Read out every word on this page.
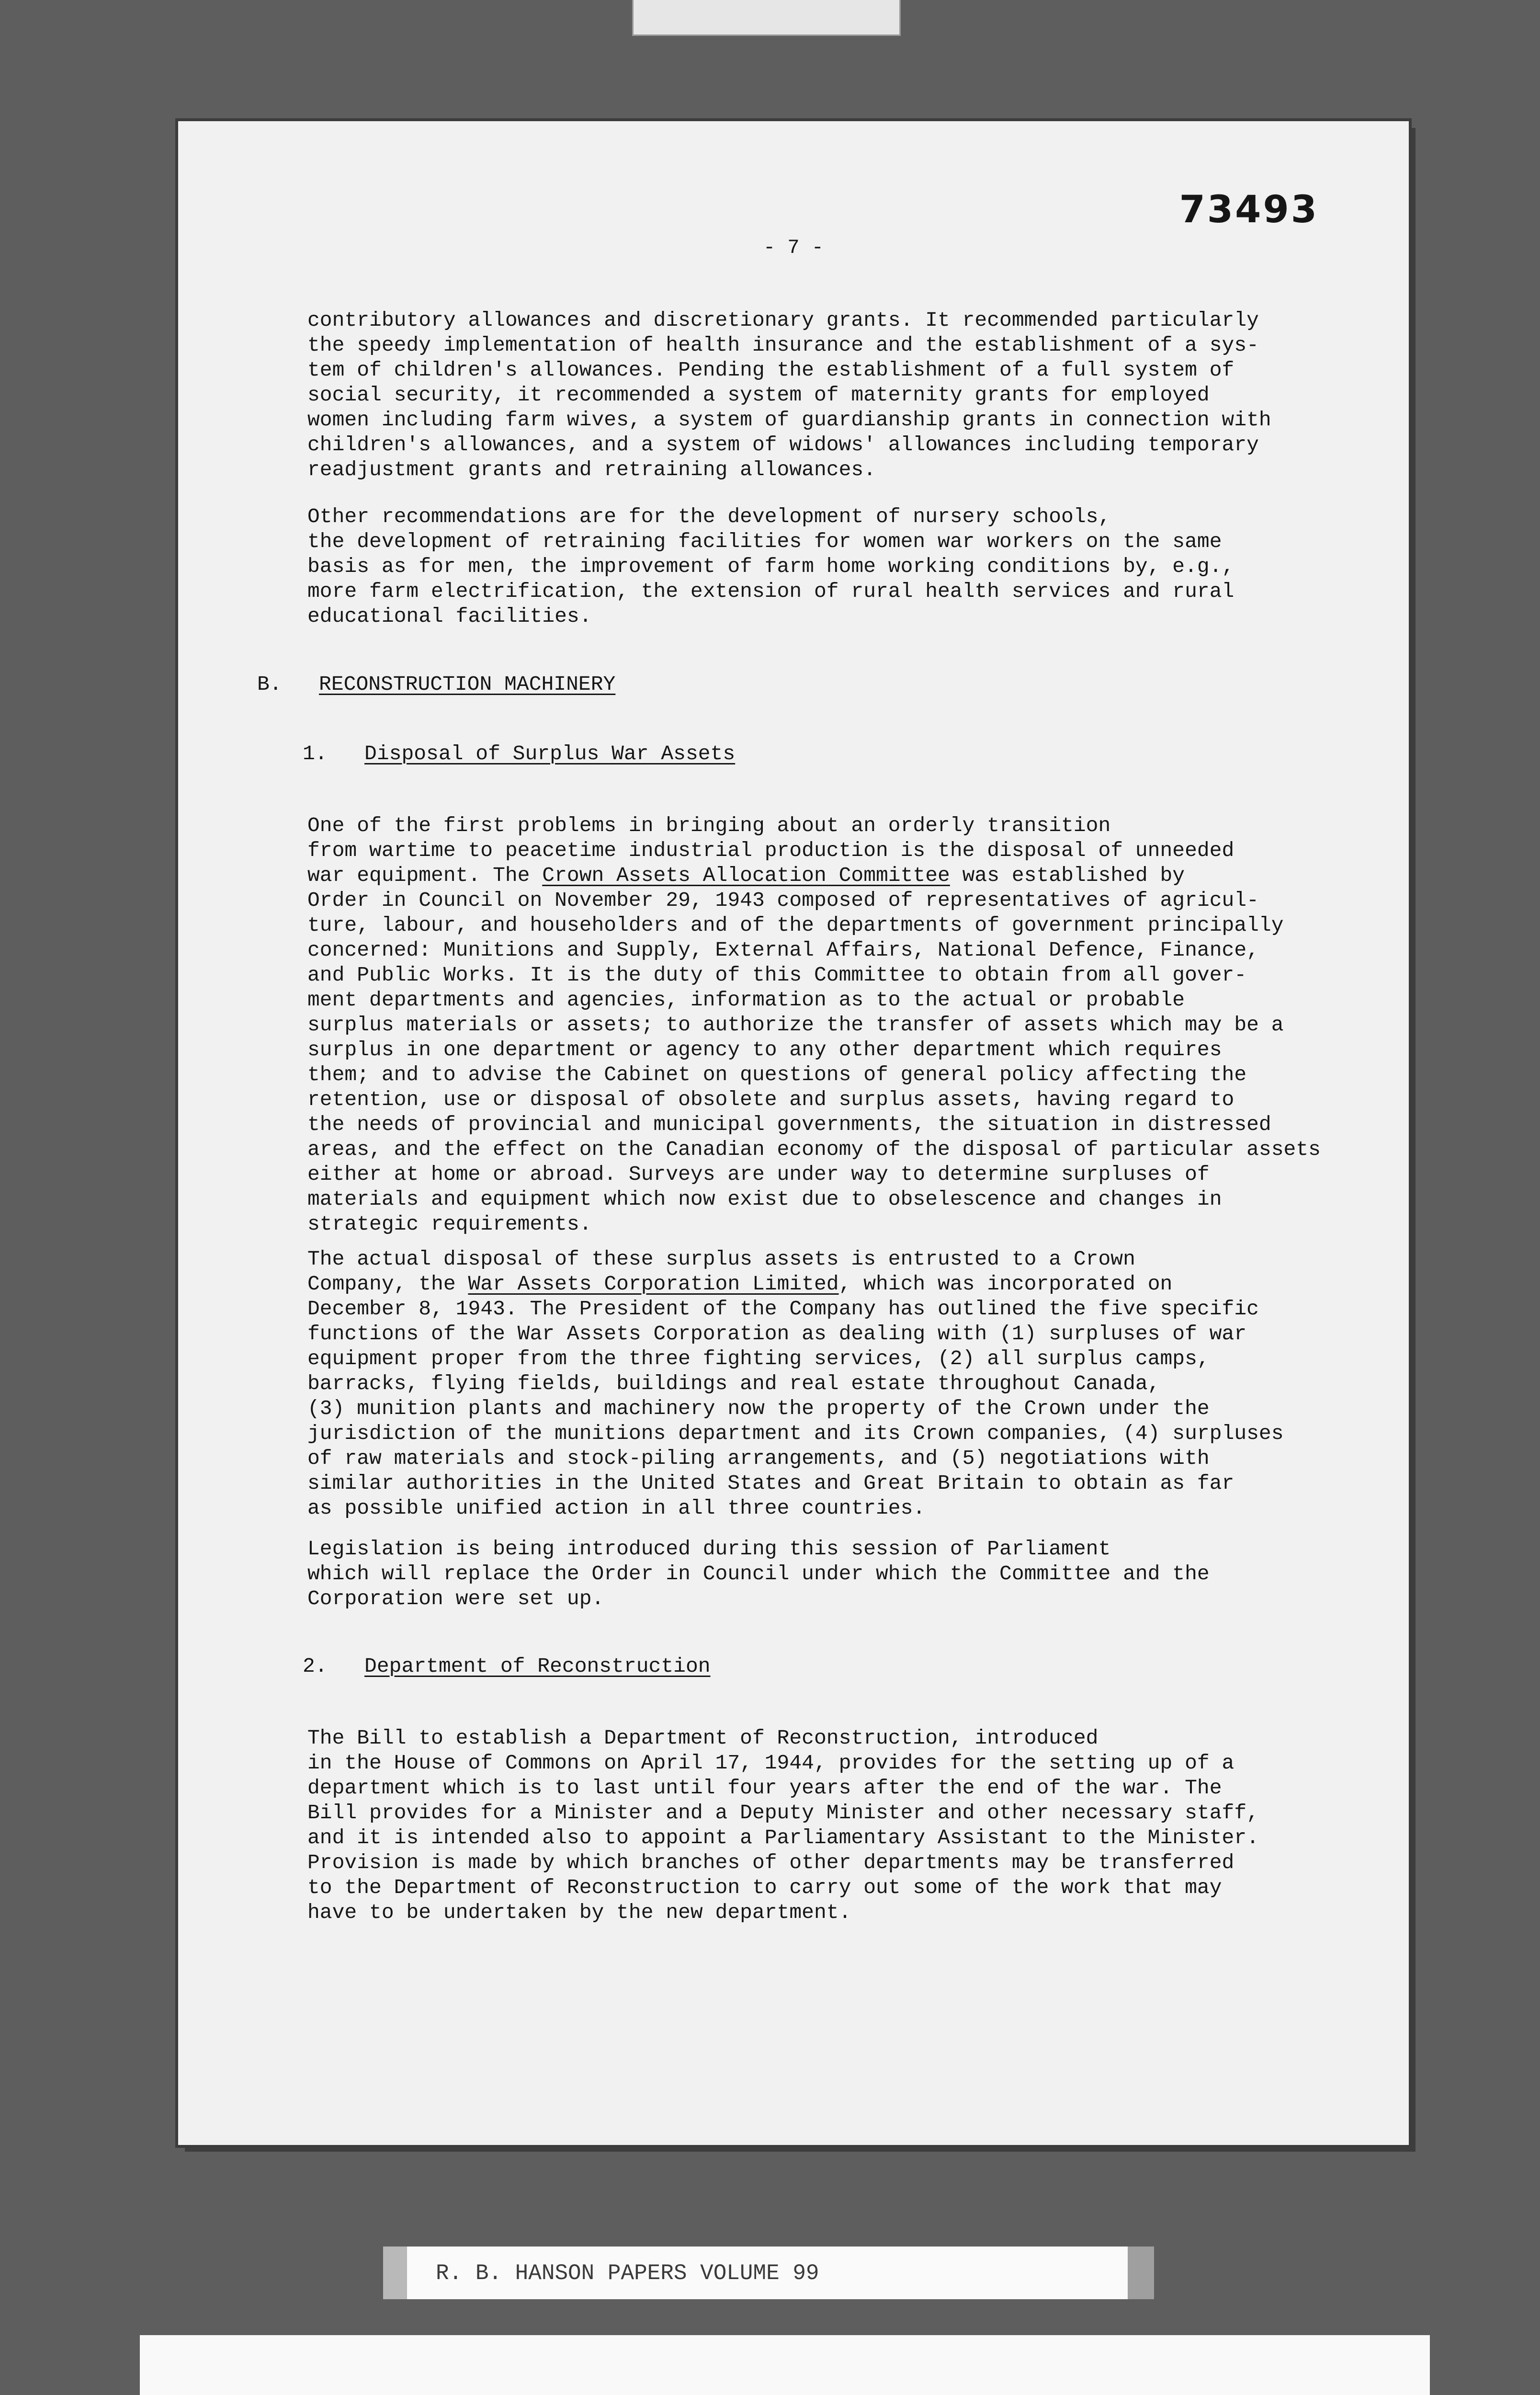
73493
- 7 -

contributory allowances and discretionary grants. It recommended particularly
the speedy implementation of health insurance and the establishment of a sys-
tem of children's allowances. Pending the establishment of a full system of
social security, it recommended a system of maternity grants for employed
women including farm wives, a system of guardianship grants in connection with
children's allowances, and a system of widows' allowances including temporary
readjustment grants and retraining allowances.

Other recommendations are for the development of nursery schools,
the development of retraining facilities for women war workers on the same
basis as for men, the improvement of farm home working conditions by, e.g.,
more farm electrification, the extension of rural health services and rural
educational facilities.

B. RECONSTRUCTION MACHINERY
1. Disposal of Surplus War Assets

One of the first problems in bringing about an orderly transition
from wartime to peacetime industrial production is the disposal of unneeded
war equipment. The Crown Assets Allocation Committee was established by
Order in Council on November 29, 1943 composed of representatives of agricul-
ture, labour, and householders and of the departments of government principally
concerned: Munitions and Supply, External Affairs, National Defence, Finance,
and Public Works. It is the duty of this Committee to obtain from all gover-
ment departments and agencies, information as to the actual or probable
surplus materials or assets; to authorize the transfer of assets which may be a
surplus in one department or agency to any other department which requires
them; and to advise the Cabinet on questions of general policy affecting the
retention, use or disposal of obsolete and surplus assets, having regard to
the needs of provincial and municipal governments, the situation in distressed
areas, and the effect on the Canadian economy of the disposal of particular assets
either at home or abroad. Surveys are under way to determine surpluses of
materials and equipment which now exist due to obselescence and changes in
strategic requirements.

The actual disposal of these surplus assets is entrusted to a Crown
Company, the War Assets Corporation Limited, which was incorporated on
December 8, 1943. The President of the Company has outlined the five specific
functions of the War Assets Corporation as dealing with (1) surpluses of war
equipment proper from the three fighting services, (2) all surplus camps,
barracks, flying fields, buildings and real estate throughout Canada,
(3) munition plants and machinery now the property of the Crown under the
jurisdiction of the munitions department and its Crown companies, (4) surpluses
of raw materials and stock-piling arrangements, and (5) negotiations with
similar authorities in the United States and Great Britain to obtain as far
as possible unified action in all three countries.

Legislation is being introduced during this session of Parliament
which will replace the Order in Council under which the Committee and the
Corporation were set up.

2. Department of Reconstruction

The Bill to establish a Department of Reconstruction, introduced
in the House of Commons on April 17, 1944, provides for the setting up of a
department which is to last until four years after the end of the war. The
Bill provides for a Minister and a Deputy Minister and other necessary staff,
and it is intended also to appoint a Parliamentary Assistant to the Minister.
Provision is made by which branches of other departments may be transferred
to the Department of Reconstruction to carry out some of the work that may
have to be undertaken by the new department.

R. B. HANSON PAPERS VOLUME 99
